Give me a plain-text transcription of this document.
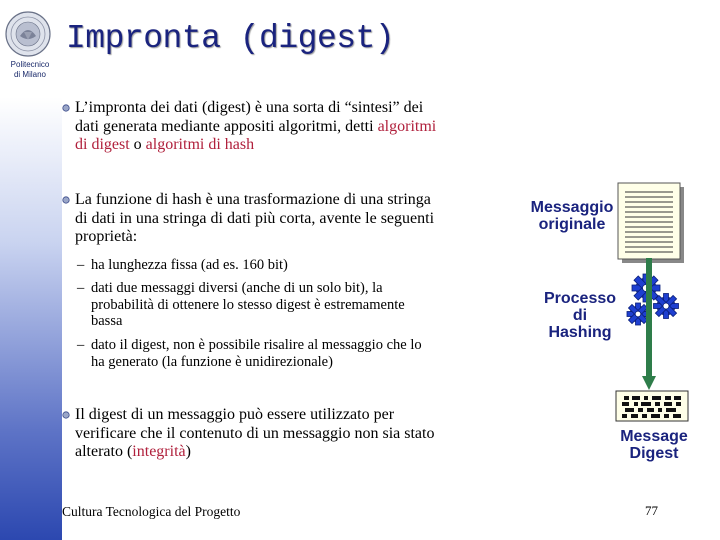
Politecnico
di Milano
Impronta (digest)
L’impronta dei dati (digest) è una sorta di “sintesi” dei
dati generata mediante appositi algoritmi, detti algoritmi
di digest o algoritmi di hash
La funzione di hash è una trasformazione di una stringa
di dati in una stringa di dati più corta, avente le seguenti
proprietà:
– ha lunghezza fissa (ad es. 160 bit)
– dati due messaggi diversi (anche di un solo bit), la
probabilità di ottenere lo stesso digest è estremamente
bassa
– dato il digest, non è possibile risalire al messaggio che lo
ha generato (la funzione è unidirezionale)
Il digest di un messaggio può essere utilizzato per
verificare che il contenuto di un messaggio non sia stato
alterato (integrità)
Messaggio
originale
Processo
di
Hashing
Message
Digest
Cultura Tecnologica del Progetto	77
